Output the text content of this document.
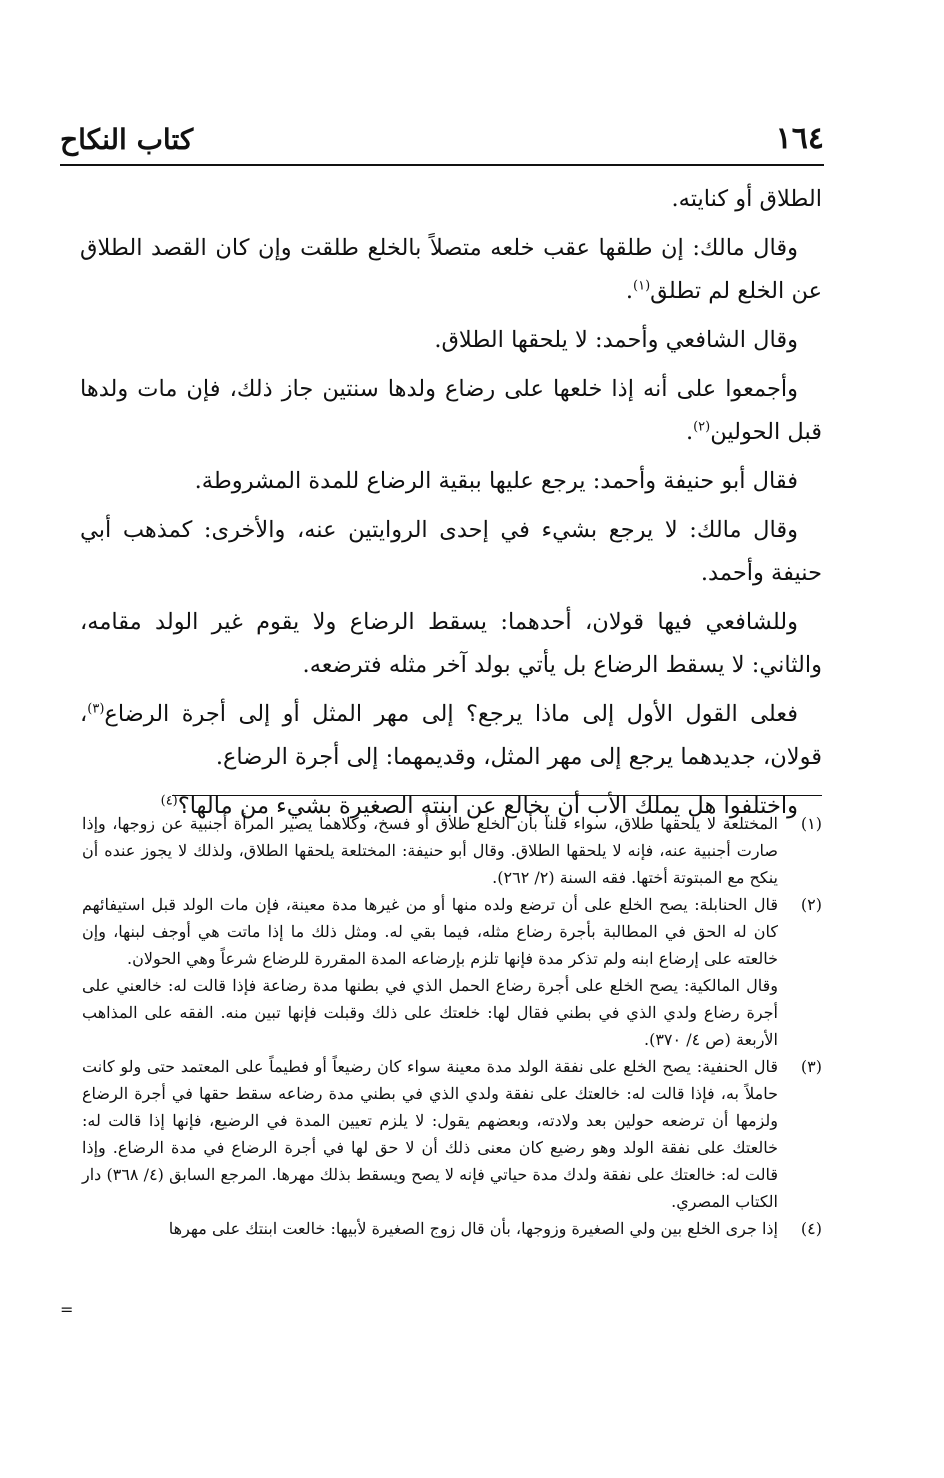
١٦٤
كتاب النكاح

الطلاق أو كنايته.

وقال مالك: إن طلقها عقب خلعه متصلاً بالخلع طلقت وإن كان القصد الطلاق عن الخلع لم تطلق$^{(١)}$.

وقال الشافعي وأحمد: لا يلحقها الطلاق.

وأجمعوا على أنه إذا خلعها على رضاع ولدها سنتين جاز ذلك، فإن مات ولدها قبل الحولين$^{(٢)}$.

فقال أبو حنيفة وأحمد: يرجع عليها ببقية الرضاع للمدة المشروطة.

وقال مالك: لا يرجع بشيء في إحدى الروايتين عنه، والأخرى: كمذهب أبي حنيفة وأحمد.

وللشافعي فيها قولان، أحدهما: يسقط الرضاع ولا يقوم غير الولد مقامه، والثاني: لا يسقط الرضاع بل يأتي بولد آخر مثله فترضعه.

فعلى القول الأول إلى ماذا يرجع؟ إلى مهر المثل أو إلى أجرة الرضاع$^{(٣)}$، قولان، جديدهما يرجع إلى مهر المثل، وقديمهما: إلى أجرة الرضاع.

واختلفوا هل يملك الأب أن يخالع عن ابنته الصغيرة بشيء من مالها؟$^{(٤)}$

(١)
المختلعة لا يلحقها طلاق، سواء قلنا بأن الخلع طلاق أو فسخ، وكلاهما يصير المرأة أجنبية عن زوجها، وإذا صارت أجنبية عنه، فإنه لا يلحقها الطلاق. وقال أبو حنيفة: المختلعة يلحقها الطلاق، ولذلك لا يجوز عنده أن ينكح مع المبتوتة أختها. فقه السنة (٢/ ٢٦٢).
(٢)
قال الحنابلة: يصح الخلع على أن ترضع ولده منها أو من غيرها مدة معينة، فإن مات الولد قبل استيفائهم كان له الحق في المطالبة بأجرة رضاع مثله، فيما بقي له. ومثل ذلك ما إذا ماتت هي أوجف لبنها، وإن خالعته على إرضاع ابنه ولم تذكر مدة فإنها تلزم بإرضاعه المدة المقررة للرضاع شرعاً وهي الحولان.
وقال المالكية: يصح الخلع على أجرة رضاع الحمل الذي في بطنها مدة رضاعة فإذا قالت له: خالعني على أجرة رضاع ولدي الذي في بطني فقال لها: خلعتك على ذلك وقبلت فإنها تبين منه. الفقه على المذاهب الأربعة (ص ٤/ ٣٧٠).
(٣)
قال الحنفية: يصح الخلع على نفقة الولد مدة معينة سواء كان رضيعاً أو فطيماً على المعتمد حتى ولو كانت حاملاً به، فإذا قالت له: خالعتك على نفقة ولدي الذي في بطني مدة رضاعه سقط حقها في أجرة الرضاع ولزمها أن ترضعه حولين بعد ولادته، وبعضهم يقول: لا يلزم تعيين المدة في الرضيع، فإنها إذا قالت له: خالعتك على نفقة الولد وهو رضيع كان معنى ذلك أن لا حق لها في أجرة الرضاع في مدة الرضاع. وإذا قالت له: خالعتك على نفقة ولدك مدة حياتي فإنه لا يصح ويسقط بذلك مهرها. المرجع السابق (٤/ ٣٦٨) دار الكتاب المصري.
(٤)
إذا جرى الخلع بين ولي الصغيرة وزوجها، بأن قال زوج الصغيرة لأبيها: خالعت ابنتك على مهرها
=
